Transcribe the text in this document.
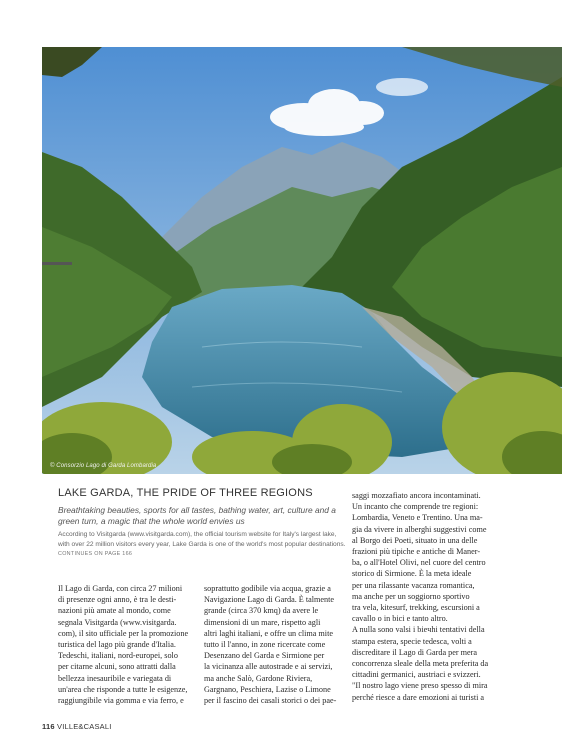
© Consorzio Lago di Garda Lombardia
LAKE GARDA, THE PRIDE OF THREE REGIONS

Breathtaking beauties, sports for all tastes, bathing water, art, culture and a green turn, a magic that the whole world envies us

According to Visitgarda (www.visitgarda.com), the official tourism website for Italy's largest lake, with over 22 million visitors every year, Lake Garda is one of the world's most popular destinations. CONTINUES ON PAGE 166

Il Lago di Garda, con circa 27 milioni
di presenze ogni anno, è tra le desti-
nazioni più amate al mondo, come
segnala Visitgarda (www.visitgarda.
com), il sito ufficiale per la promozione
turistica del lago più grande d'Italia.
Tedeschi, italiani, nord-europei, solo
per citarne alcuni, sono attratti dalla
bellezza inesauribile e variegata di
un'area che risponde a tutte le esigenze,
raggiungibile via gomma e via ferro, e

soprattutto godibile via acqua, grazie a
Navigazione Lago di Garda. È talmente
grande (circa 370 kmq) da avere le
dimensioni di un mare, rispetto agli
altri laghi italiani, e offre un clima mite
tutto il l'anno, in zone ricercate come
Desenzano del Garda e Sirmione per
la vicinanza alle autostrade e ai servizi,
ma anche Salò, Gardone Riviera,
Gargnano, Peschiera, Lazise o Limone
per il fascino dei casali storici o dei pae-

saggi mozzafiato ancora incontaminati.
Un incanto che comprende tre regioni:
Lombardia, Veneto e Trentino. Una ma-
gia da vivere in alberghi suggestivi come
al Borgo dei Poeti, situato in una delle
frazioni più tipiche e antiche di Maner-
ba, o all'Hotel Olivi, nel cuore del centro
storico di Sirmione. È la meta ideale
per una rilassante vacanza romantica,
ma anche per un soggiorno sportivo
tra vela, kitesurf, trekking, escursioni a
cavallo o in bici e tanto altro.
A nulla sono valsi i bieчhi tentativi della
stampa estera, specie tedesca, volti a
discreditare il Lago di Garda per mera
concorrenza sleale della meta preferita da
cittadini germanici, austriaci e svizzeri.
"Il nostro lago viene preso spesso di mira
perché riesce a dare emozioni ai turisti a

116 VILLE&CASALI
